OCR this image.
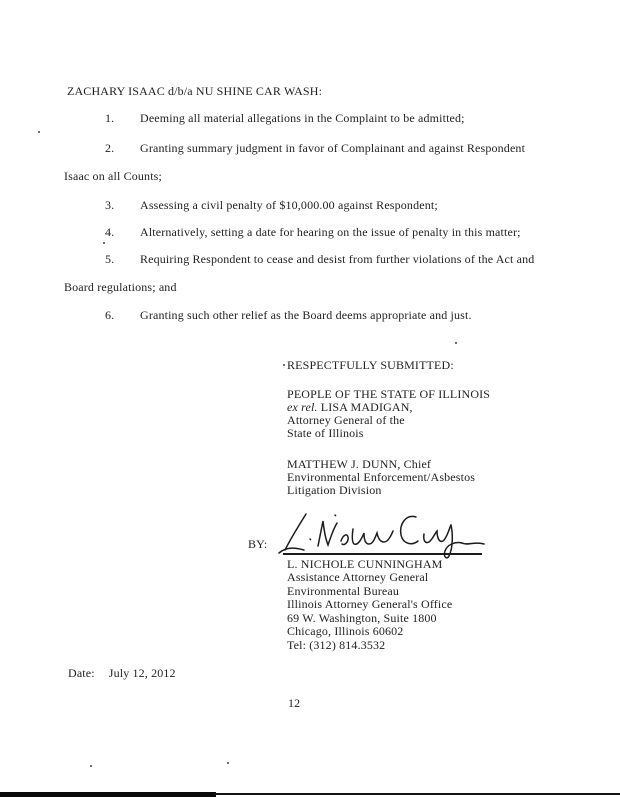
ZACHARY ISAAC d/b/a NU SHINE CAR WASH:
1. Deeming all material allegations in the Complaint to be admitted;
2. Granting summary judgment in favor of Complainant and against Respondent
Isaac on all Counts;
3. Assessing a civil penalty of $10,000.00 against Respondent;
4. Alternatively, setting a date for hearing on the issue of penalty in this matter;
5. Requiring Respondent to cease and desist from further violations of the Act and
Board regulations; and
6. Granting such other relief as the Board deems appropriate and just.
RESPECTFULLY SUBMITTED:
PEOPLE OF THE STATE OF ILLINOIS
ex rel. LISA MADIGAN,
Attorney General of the
State of Illinois
MATTHEW J. DUNN, Chief
Environmental Enforcement/Asbestos
Litigation Division
BY:
L. NICHOLE CUNNINGHAM
Assistance Attorney General
Environmental Bureau
Illinois Attorney General's Office
69 W. Washington, Suite 1800
Chicago, Illinois 60602
Tel: (312) 814.3532
Date: July 12, 2012
12
